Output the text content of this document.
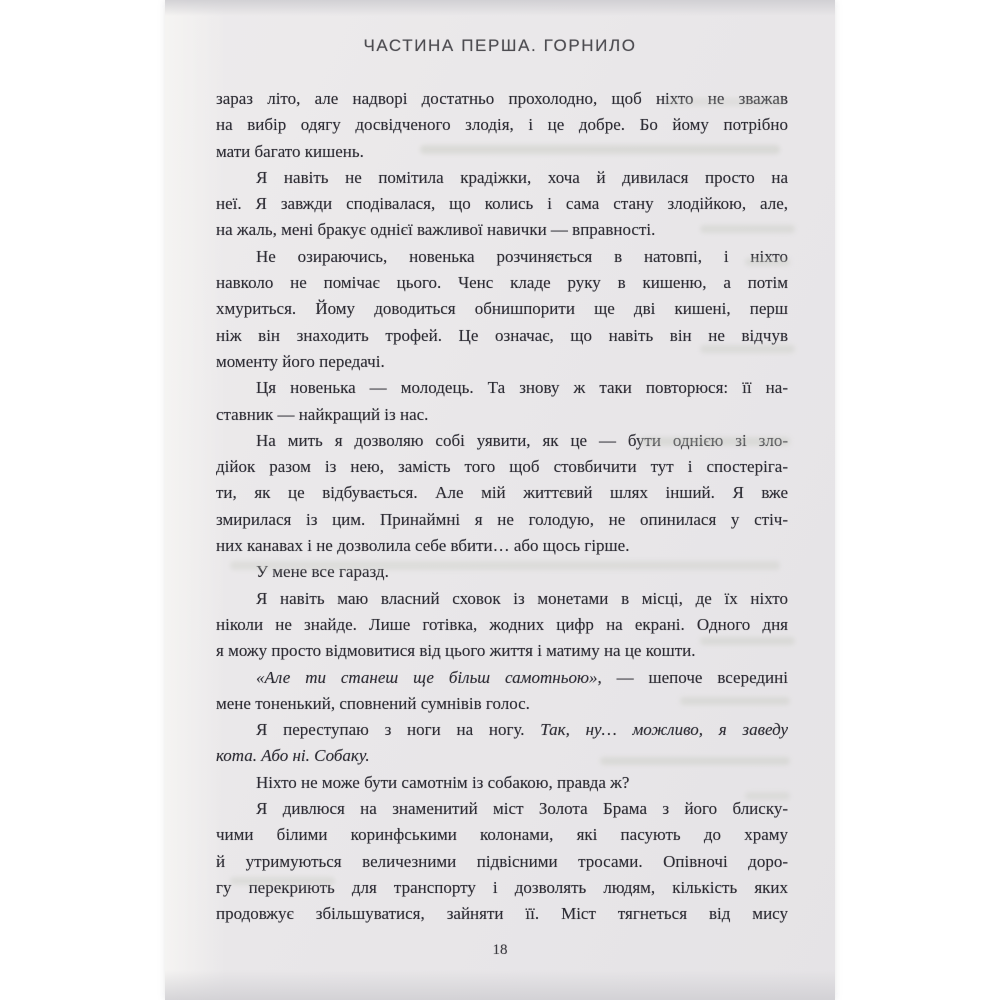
ЧАСТИНА ПЕРША. ГОРНИЛО
зараз літо, але надворі достатньо прохолодно, щоб ніхто не зважав
на вибір одягу досвідченого злодія, і це добре. Бо йому потрібно
мати багато кишень.
Я навіть не помітила крадіжки, хоча й дивилася просто на
неї. Я завжди сподівалася, що колись і сама стану злодійкою, але,
на жаль, мені бракує однієї важливої навички — вправності.
Не озираючись, новенька розчиняється в натовпі, і ніхто
навколо не помічає цього. Ченс кладе руку в кишеню, а потім
хмуриться. Йому доводиться обнишпорити ще дві кишені, перш
ніж він знаходить трофей. Це означає, що навіть він не відчув
моменту його передачі.
Ця новенька — молодець. Та знову ж таки повторюся: її на-
ставник — найкращий із нас.
На мить я дозволяю собі уявити, як це — бути однією зі зло-
дійок разом із нею, замість того щоб стовбичити тут і спостеріга-
ти, як це відбувається. Але мій життєвий шлях інший. Я вже
змирилася із цим. Принаймні я не голодую, не опинилася у стіч-
них канавах і не дозволила себе вбити… або щось гірше.
У мене все гаразд.
Я навіть маю власний сховок із монетами в місці, де їх ніхто
ніколи не знайде. Лише готівка, жодних цифр на екрані. Одного дня
я можу просто відмовитися від цього життя і матиму на це кошти.
«Але ти станеш ще більш самотньою», — шепоче всередині
мене тоненький, сповнений сумнівів голос.
Я переступаю з ноги на ногу. Так, ну… можливо, я заведу
кота. Або ні. Собаку.
Ніхто не може бути самотнім із собакою, правда ж?
Я дивлюся на знаменитий міст Золота Брама з його блиску-
чими білими коринфськими колонами, які пасують до храму
й утримуються величезними підвісними тросами. Опівночі доро-
гу перекриють для транспорту і дозволять людям, кількість яких
продовжує збільшуватися, зайняти її. Міст тягнеться від мису
18
